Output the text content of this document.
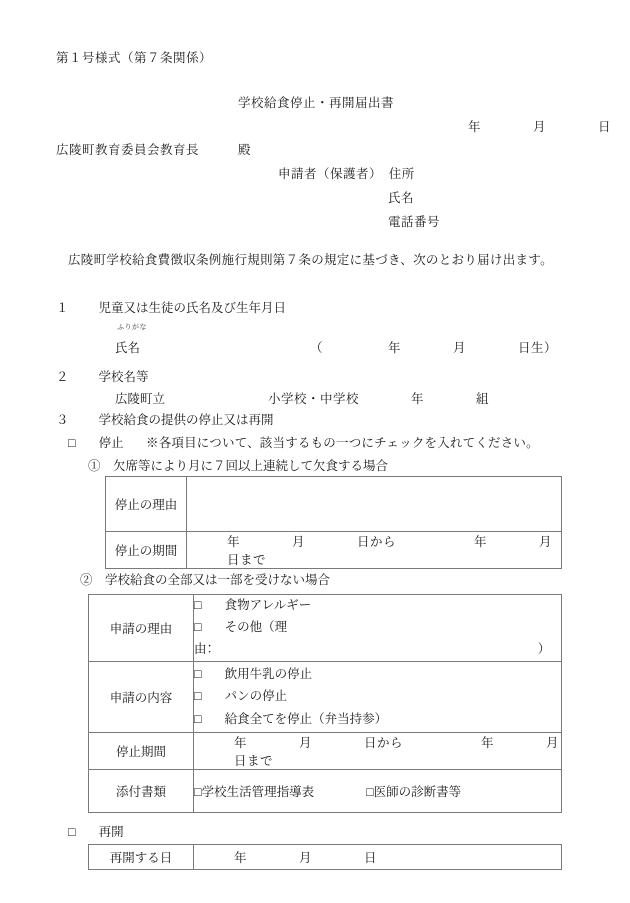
第１号様式（第７条関係）
学校給食停止・再開届出書
年　　　　月　　　　日
広陵町教育委員会教育長　　　殿
申請者（保護者）　住所
氏名
電話番号
広陵町学校給食費徴収条例施行規則第７条の規定に基づき、次のとおり届け出ます。
１ 児童又は生徒の氏名及び生年月日
ふりがな
氏名	（　　　　　年　　　　月　　　　日生）
２ 学校名等
広陵町立	小学校・中学校　　　　年　　　　組
３ 学校給食の提供の停止又は再開
□ 停止 ※各項目について、該当するもの一つにチェックを入れてください。
①　欠席等により月に７回以上連続して欠食する場合
停止の理由	
停止の期間	年　　　　月　　　　日から　　　　　　年　　　　月　　　　日まで
②　学校給食の全部又は一部を受けない場合
申請の理由	□ 食物アレルギー
□ その他（理由：　　　　　　　　　　　　　　　　　　　　　　　　　　）

申請の内容	□ 飲用牛乳の停止
□ パンの停止
□ 給食全てを停止（弁当持参）

停止期間	年　　　　月　　　　日から　　　　　　年　　　　月　　　　日まで
添付書類	□学校生活管理指導表 □医師の診断書等
□ 再開
再開する日	年　　　　月　　　　日
